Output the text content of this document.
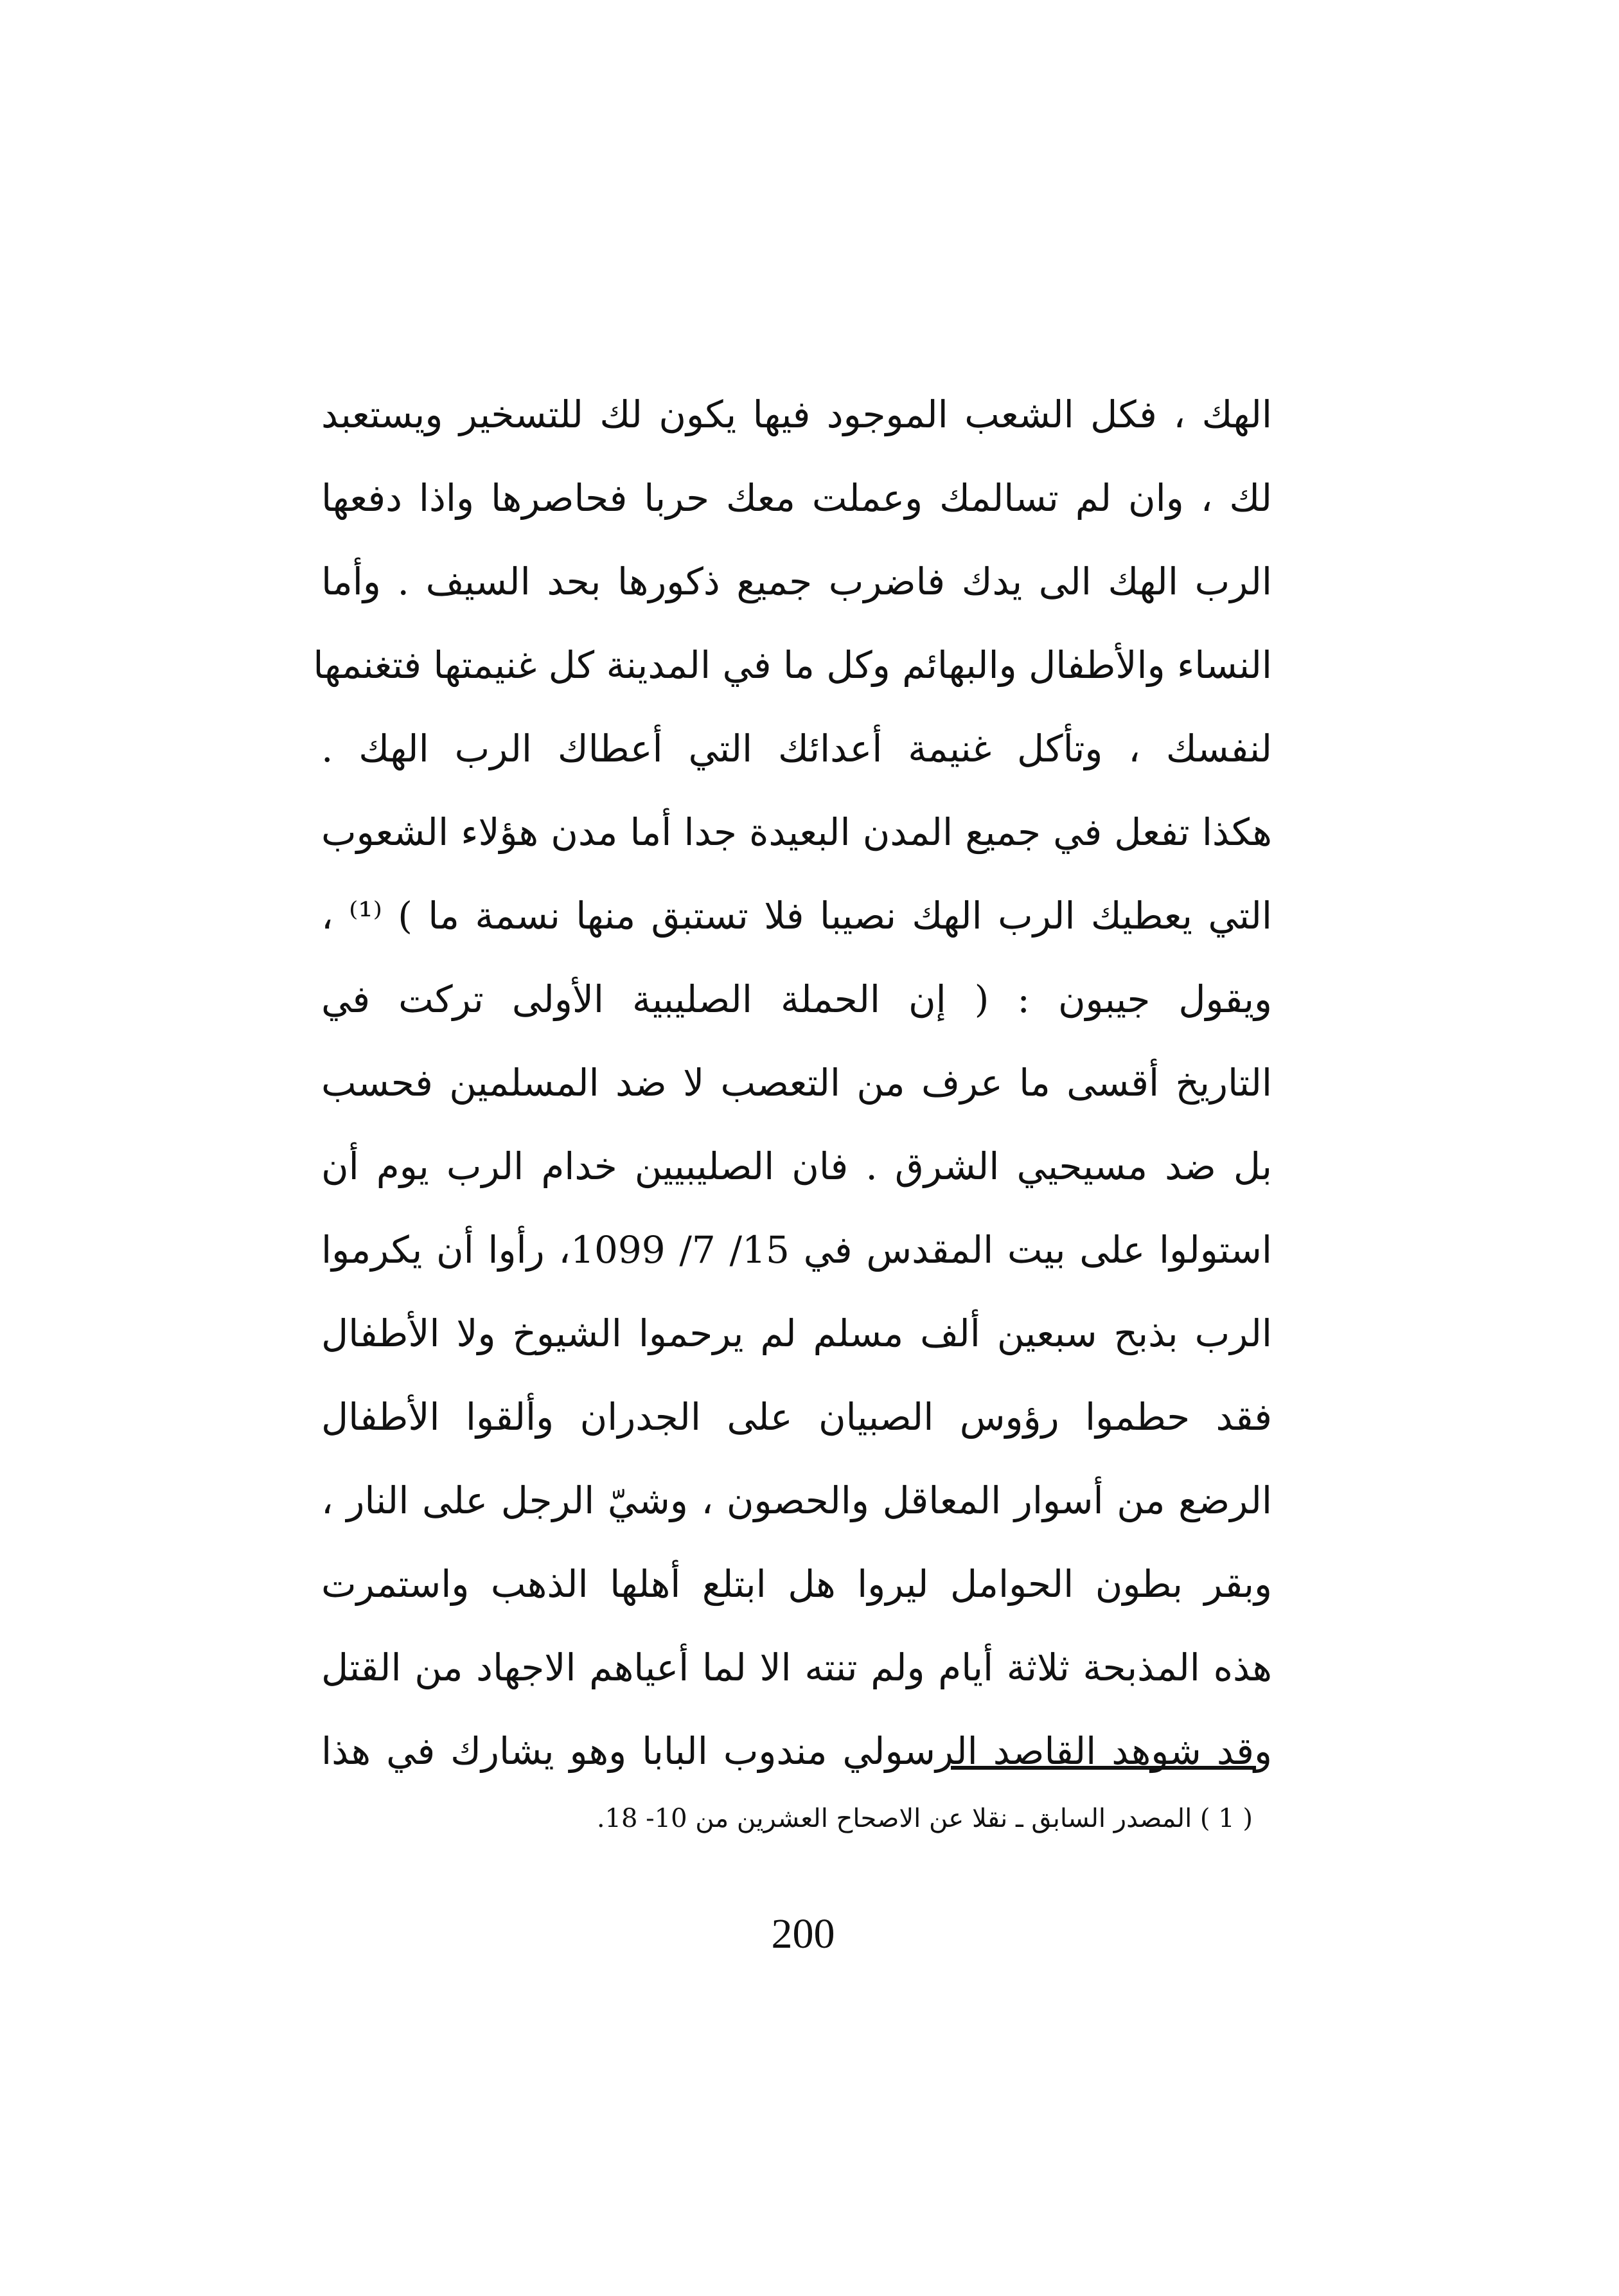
الهك ، فكل الشعب الموجود فيها يكون لك للتسخير ويستعبد
لك ، وان لم تسالمك وعملت معك حربا فحاصرها واذا دفعها
الرب الهك الى يدك فاضرب جميع ذكورها بحد السيف . وأما
النساء والأطفال والبهائم وكل ما في المدينة كل غنيمتها فتغنمها
لنفسك ، وتأكل غنيمة أعدائك التي أعطاك الرب الهك .
هكذا تفعل في جميع المدن البعيدة جدا أما مدن هؤلاء الشعوب
التي يعطيك الرب الهك نصيبا فلا تستبق منها نسمة ما ) ⁽¹⁾ ،
ويقول جيبون : ( إن الحملة الصليبية الأولى تركت في
التاريخ أقسى ما عرف من التعصب لا ضد المسلمين فحسب
بل ضد مسيحيي الشرق . فان الصليبيين خدام الرب يوم أن
استولوا على بيت المقدس في 15/ 7/ 1099، رأوا أن يكرموا
الرب بذبح سبعين ألف مسلم لم يرحموا الشيوخ ولا الأطفال
فقد حطموا رؤوس الصبيان على الجدران وألقوا الأطفال
الرضع من أسوار المعاقل والحصون ، وشيّ الرجل على النار ،
وبقر بطون الحوامل ليروا هل ابتلع أهلها الذهب واستمرت
هذه المذبحة ثلاثة أيام ولم تنته الا لما أعياهم الاجهاد من القتل
وقد شوهد القاصد الرسولي مندوب البابا وهو يشارك في هذا
( 1 ) المصدر السابق ـ نقلا عن الاصحاح العشرين من 10- 18.
200
